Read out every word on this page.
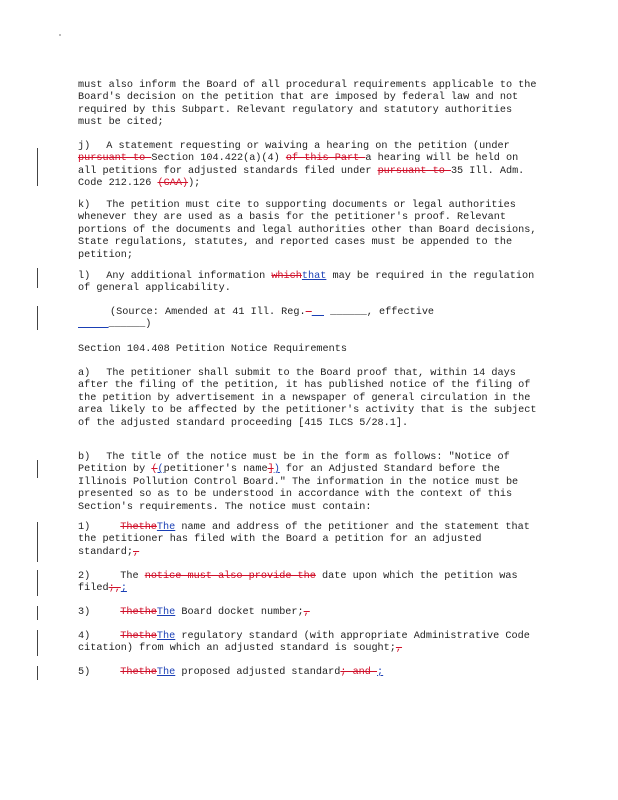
must also inform the Board of all procedural requirements applicable to the Board's decision on the petition that are imposed by federal law and not required by this Subpart. Relevant regulatory and statutory authorities must be cited;
j) A statement requesting or waiving a hearing on the petition (under pursuant to Section 104.422(a)(4) of this Part a hearing will be held on all petitions for adjusted standards filed under pursuant to 35 Ill. Adm. Code 212.126 (CAA));
k) The petition must cite to supporting documents or legal authorities whenever they are used as a basis for the petitioner's proof. Relevant portions of the documents and legal authorities other than Board decisions, State regulations, statutes, and reported cases must be appended to the petition;
l) Any additional information whichthat may be required in the regulation of general applicability.
(Source: Amended at 41 Ill. Reg.    ______, effective
______)
Section 104.408 Petition Notice Requirements
a) The petitioner shall submit to the Board proof that, within 14 days after the filing of the petition, it has published notice of the filing of the petition by advertisement in a newspaper of general circulation in the area likely to be affected by the petitioner's activity that is the subject of the adjusted standard proceeding [415 ILCS 5/28.1].
b) The title of the notice must be in the form as follows: "Notice of Petition by ((petitioner's name]) for an Adjusted Standard before the Illinois Pollution Control Board." The information in the notice must be presented so as to be understood in accordance with the context of this Section's requirements. The notice must contain:
1)	ThetheThe name and address of the petitioner and the statement that the petitioner has filed with the Board a petition for an adjusted standard;,
2)	The notice must also provide the date upon which the petition was filed;,;
3)	ThetheThe Board docket number;,
4)	ThetheThe regulatory standard (with appropriate Administrative Code citation) from which an adjusted standard is sought;,
5)	ThetheThe proposed adjusted standard; and ;
